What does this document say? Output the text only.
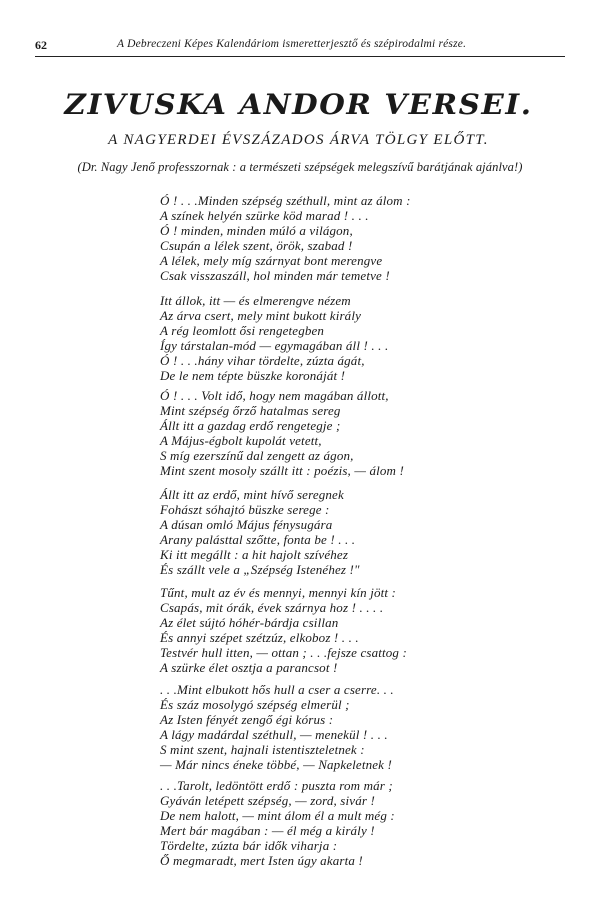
62	A Debreczeni Képes Kalendáriom ismeretterjesztő és szépirodalmi része.
ZIVUSKA ANDOR VERSEI.
A NAGYERDEI ÉVSZÁZADOS ÁRVA TÖLGY ELŐTT.
(Dr. Nagy Jenő professzornak : a természeti szépségek melegszívű barátjának ajánlva!)
Ó ! . . .Minden szépség széthull, mint az álom :
A színek helyén szürke köd marad ! . . .
Ó ! minden, minden múló a világon,
Csupán a lélek szent, örök, szabad !
A lélek, mely míg szárnyat bont merengve
Csak visszaszáll, hol minden már temetve !
Itt állok, itt — és elmerengve nézem
Az árva csert, mely mint bukott király
A rég leomlott ősi rengetegben
Így társtalan-mód — egymagában áll ! . . .
Ó ! . . .hány vihar tördelte, zúzta ágát,
De le nem tépte büszke koronáját !
Ó ! . . . Volt idő, hogy nem magában állott,
Mint szépség őrző hatalmas sereg
Állt itt a gazdag erdő rengetegje ;
A Május-égbolt kupolát vetett,
S míg ezerszínű dal zengett az ágon,
Mint szent mosoly szállt itt : poézis, — álom !
Állt itt az erdő, mint hívő seregnek
Fohászt sóhajtó büszke serege :
A dúsan omló Május fénysugára
Arany palásttal szőtte, fonta be ! . . .
Ki itt megállt : a hit hajolt szívéhez
És szállt vele a „Szépség Istenéhez !"
Tűnt, mult az év és mennyi, mennyi kín jött :
Csapás, mit órák, évek szárnya hoz ! . . . .
Az élet sújtó hóhér-bárdja csillan
És annyi szépet szétzúz, elkoboz ! . . .
Testvér hull itten, — ottan ; . . .fejsze csattog :
A szürke élet osztja a parancsot !
. . .Mint elbukott hős hull a cser a cserre. . .
És száz mosolygó szépség elmerül ;
Az Isten fényét zengő égi kórus :
A lágy madárdal széthull, — menekül ! . . .
S mint szent, hajnali istentiszteletnek :
— Már nincs éneke többé, — Napkeletnek !
. . .Tarolt, ledöntött erdő : puszta rom már ;
Gyáván letépett szépség, — zord, sivár !
De nem halott, — mint álom él a mult még :
Mert bár magában : — él még a király !
Tördelte, zúzta bár idők viharja :
Ő megmaradt, mert Isten úgy akarta !
